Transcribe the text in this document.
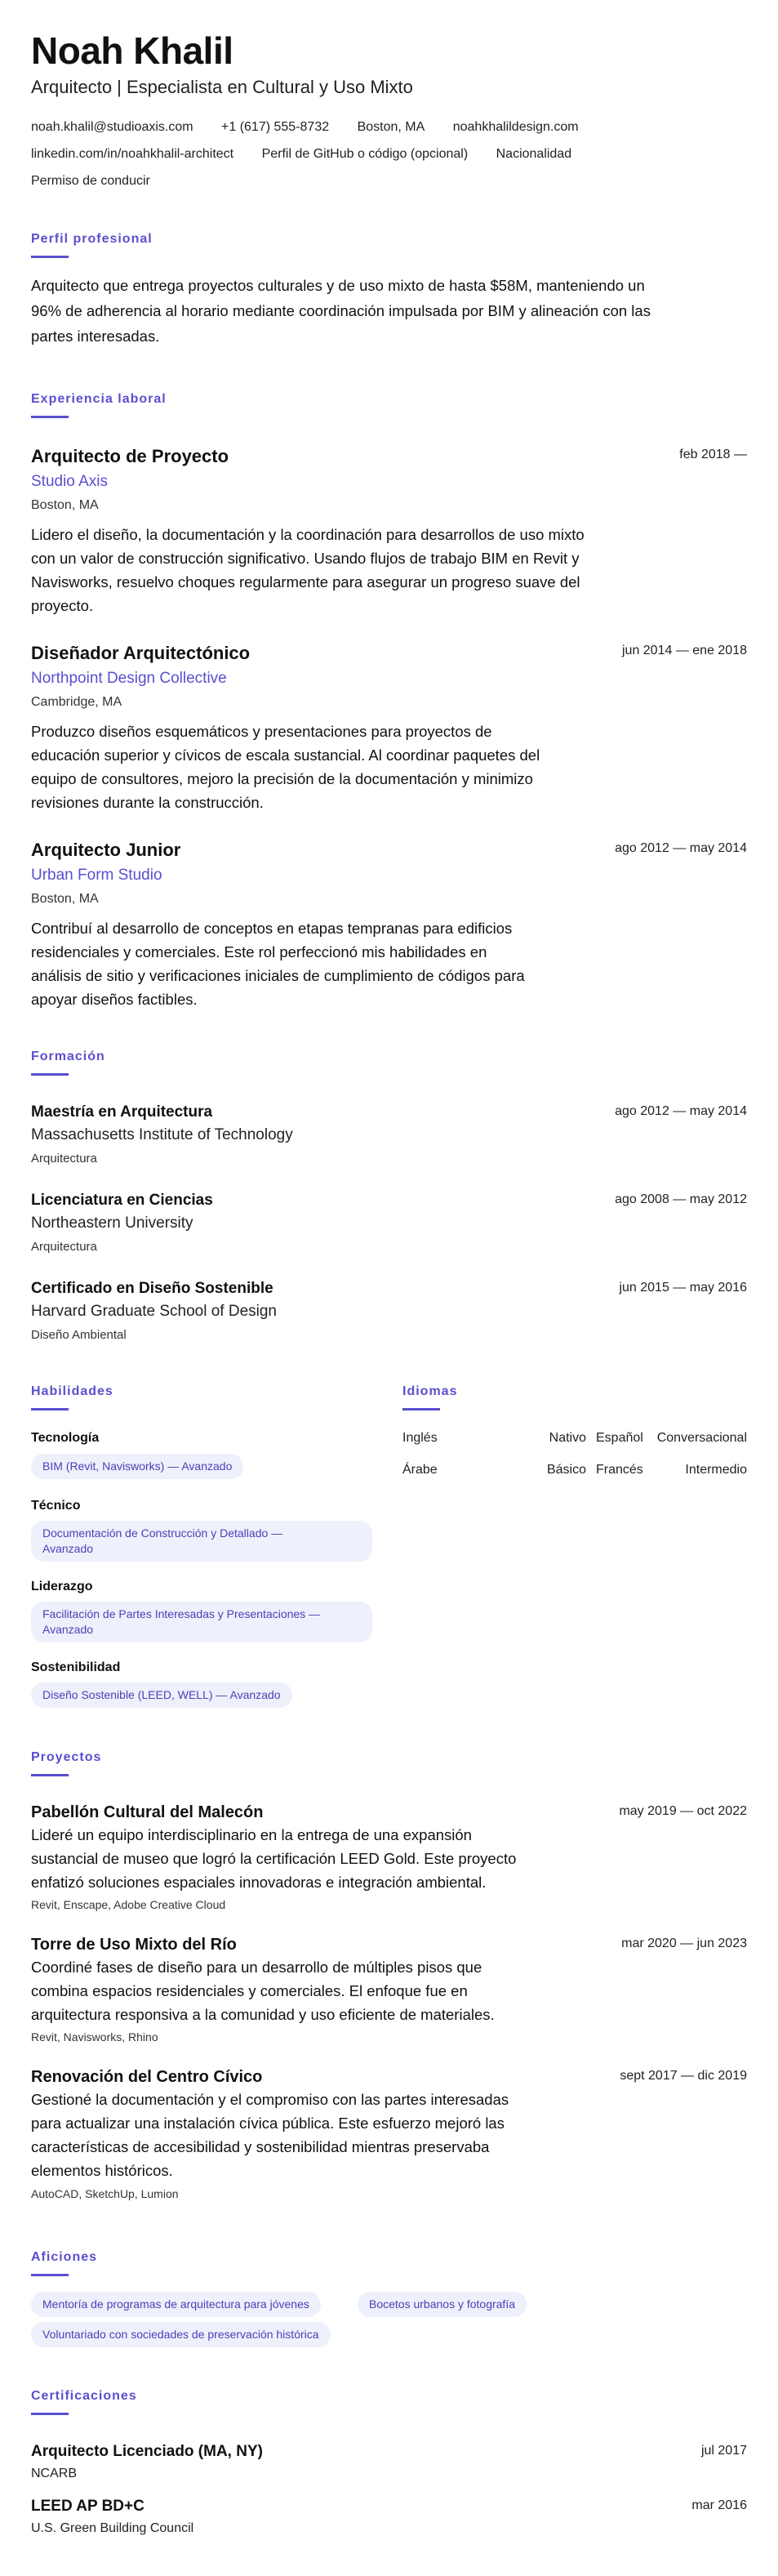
Noah Khalil
Arquitecto | Especialista en Cultural y Uso Mixto
noah.khalil@studioaxis.com +1 (617) 555-8732 Boston, MA noahkhalildesign.com
linkedin.com/in/noahkhalil-architect Perfil de GitHub o código (opcional) Nacionalidad
Permiso de conducir
Perfil profesional
Arquitecto que entrega proyectos culturales y de uso mixto de hasta $58M, manteniendo un
96% de adherencia al horario mediante coordinación impulsada por BIM y alineación con las
partes interesadas.
Experiencia laboral
Arquitecto de Proyecto	feb 2018 —
Studio Axis
Boston, MA
Lidero el diseño, la documentación y la coordinación para desarrollos de uso mixto
con un valor de construcción significativo. Usando flujos de trabajo BIM en Revit y
Navisworks, resuelvo choques regularmente para asegurar un progreso suave del
proyecto.
Diseñador Arquitectónico	jun 2014 — ene 2018
Northpoint Design Collective
Cambridge, MA
Produzco diseños esquemáticos y presentaciones para proyectos de
educación superior y cívicos de escala sustancial. Al coordinar paquetes del
equipo de consultores, mejoro la precisión de la documentación y minimizo
revisiones durante la construcción.
Arquitecto Junior	ago 2012 — may 2014
Urban Form Studio
Boston, MA
Contribuí al desarrollo de conceptos en etapas tempranas para edificios
residenciales y comerciales. Este rol perfeccionó mis habilidades en
análisis de sitio y verificaciones iniciales de cumplimiento de códigos para
apoyar diseños factibles.
Formación
Maestría en Arquitectura	ago 2012 — may 2014
Massachusetts Institute of Technology
Arquitectura
Licenciatura en Ciencias	ago 2008 — may 2012
Northeastern University
Arquitectura
Certificado en Diseño Sostenible	jun 2015 — may 2016
Harvard Graduate School of Design
Diseño Ambiental
Habilidades
Tecnología
BIM (Revit, Navisworks) — Avanzado
Técnico
Documentación de Construcción y Detallado —
Avanzado
Liderazgo
Facilitación de Partes Interesadas y Presentaciones —
Avanzado
Sostenibilidad
Diseño Sostenible (LEED, WELL) — Avanzado
Idiomas
Inglés	Nativo Español	Conversacional
Árabe	Básico Francés	Intermedio
Proyectos
Pabellón Cultural del Malecón	may 2019 — oct 2022
Lideré un equipo interdisciplinario en la entrega de una expansión
sustancial de museo que logró la certificación LEED Gold. Este proyecto
enfatizó soluciones espaciales innovadoras e integración ambiental.
Revit, Enscape, Adobe Creative Cloud
Torre de Uso Mixto del Río	mar 2020 — jun 2023
Coordiné fases de diseño para un desarrollo de múltiples pisos que
combina espacios residenciales y comerciales. El enfoque fue en
arquitectura responsiva a la comunidad y uso eficiente de materiales.
Revit, Navisworks, Rhino
Renovación del Centro Cívico	sept 2017 — dic 2019
Gestioné la documentación y el compromiso con las partes interesadas
para actualizar una instalación cívica pública. Este esfuerzo mejoró las
características de accesibilidad y sostenibilidad mientras preservaba
elementos históricos.
AutoCAD, SketchUp, Lumion
Aficiones
Mentoría de programas de arquitectura para jóvenes	Bocetos urbanos y fotografía
Voluntariado con sociedades de preservación histórica
Certificaciones
Arquitecto Licenciado (MA, NY)	jul 2017
NCARB
LEED AP BD+C	mar 2016
U.S. Green Building Council
